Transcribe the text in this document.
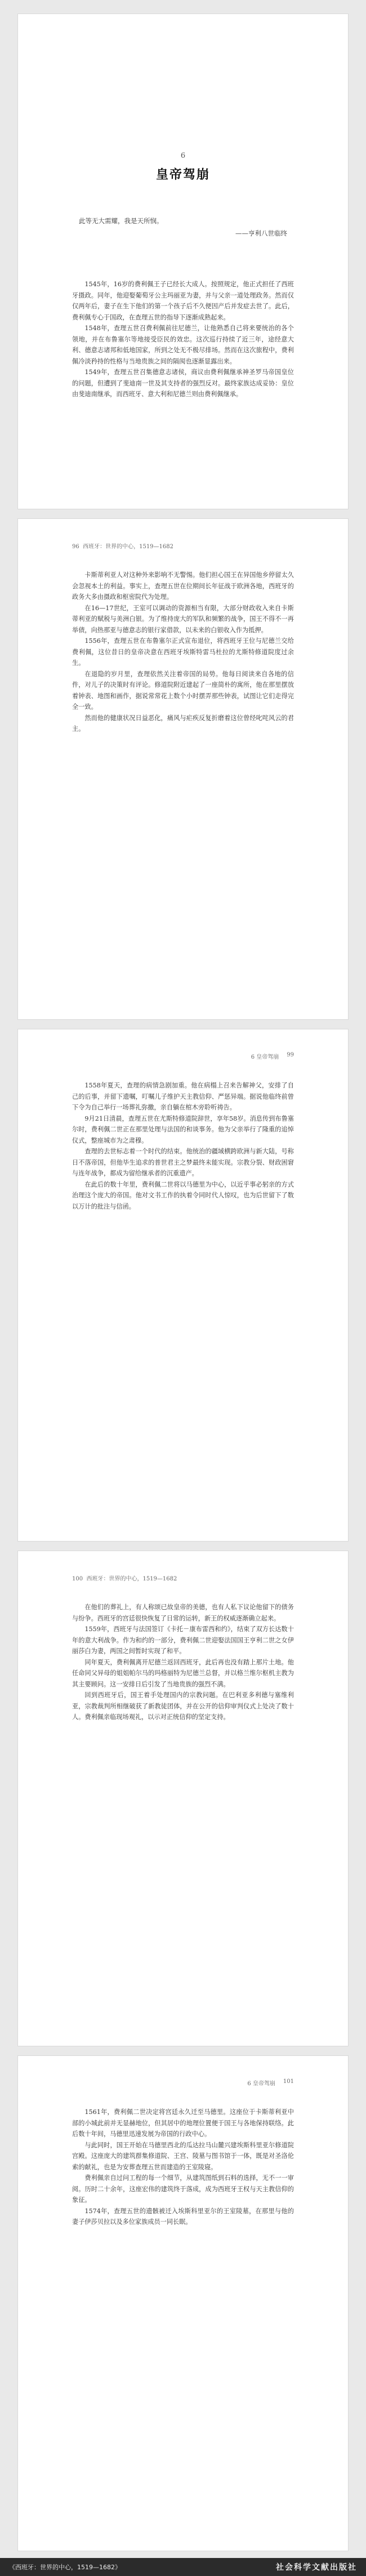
6
皇帝驾崩
此等无大需耀，我是天所悯。
——亨利八世临终

1545年，16岁的费利佩王子已经长大成人。按照规定，他正式担任了西班牙摄政。同年，他迎娶葡萄牙公主玛丽亚为妻，并与父亲一道处理政务。然而仅仅两年后，妻子在生下他们的第一个孩子后不久便因产后并发症去世了。此后，费利佩专心于国政，在查理五世的指导下逐渐成熟起来。

1548年，查理五世召费利佩前往尼德兰，让他熟悉自己将来要统治的各个领地，并在布鲁塞尔等地接受臣民的效忠。这次巡行持续了近三年，途经意大利、德意志诸邦和低地国家，所到之处无不极尽排场。然而在这次旅程中，费利佩冷淡矜持的性格与当地贵族之间的隔阂也逐渐显露出来。

1549年，查理五世召集德意志诸侯，商议由费利佩继承神圣罗马帝国皇位的问题，但遭到了斐迪南一世及其支持者的强烈反对。最终家族达成妥协：皇位由斐迪南继承，而西班牙、意大利和尼德兰则由费利佩继承。

96 西班牙：世界的中心，1519—1682

卡斯蒂利亚人对这种外来影响不无警惕。他们担心国王在异国他乡停留太久会忽视本土的利益。事实上，查理五世在位期间长年征战于欧洲各地，西班牙的政务大多由摄政和枢密院代为处理。

在16—17世纪，王室可以调动的资源相当有限，大部分财政收入来自卡斯蒂利亚的赋税与美洲白银。为了维持庞大的军队和频繁的战争，国王不得不一再举债，向热那亚与德意志的银行家借款，以未来的白银收入作为抵押。

1556年，查理五世在布鲁塞尔正式宣布退位，将西班牙王位与尼德兰交给费利佩，这位昔日的皇帝决意在西班牙埃斯特雷马杜拉的尤斯特修道院度过余生。

在退隐的岁月里，查理依然关注着帝国的局势。他每日阅读来自各地的信件，对儿子的决策时有评论。修道院附近建起了一座简朴的寓所，他在那里摆放着钟表、地图和画作，据说常常花上数个小时摆弄那些钟表，试图让它们走得完全一致。

然而他的健康状况日益恶化，痛风与疟疾反复折磨着这位曾经叱咤风云的君主。

6 皇帝驾崩 99

1558年夏天，查理的病情急剧加重。他在病榻上召来告解神父，安排了自己的后事，并留下遗嘱，叮嘱儿子维护天主教信仰、严惩异端。据说他临终前曾下令为自己举行一场葬礼弥撒，亲自躺在棺木旁聆听祷告。

9月21日清晨，查理五世在尤斯特修道院辞世，享年58岁。消息传到布鲁塞尔时，费利佩二世正在那里处理与法国的和谈事务。他为父亲举行了隆重的追悼仪式，整座城市为之肃穆。

查理的去世标志着一个时代的结束。他统治的疆域横跨欧洲与新大陆，号称日不落帝国，但他毕生追求的普世君主之梦最终未能实现。宗教分裂、财政困窘与连年战争，都成为留给继承者的沉重遗产。

在此后的数十年里，费利佩二世将以马德里为中心，以近乎事必躬亲的方式治理这个庞大的帝国。他对文书工作的执着令同时代人惊叹，也为后世留下了数以万计的批注与信函。

100 西班牙：世界的中心，1519—1682

在他们的葬礼上，有人称颂已故皇帝的美德，也有人私下议论他留下的债务与纷争。西班牙的宫廷很快恢复了日常的运转，新王的权威逐渐确立起来。

1559年，西班牙与法国签订《卡托－康布雷西和约》，结束了双方长达数十年的意大利战争。作为和约的一部分，费利佩二世迎娶法国国王亨利二世之女伊丽莎白为妻，两国之间暂时实现了和平。

同年夏天，费利佩离开尼德兰返回西班牙，此后再也没有踏上那片土地。他任命同父异母的姐姐帕尔马的玛格丽特为尼德兰总督，并以格兰维尔枢机主教为其主要顾问。这一安排日后引发了当地贵族的强烈不满。

回到西班牙后，国王着手处理国内的宗教问题。在巴利亚多利德与塞维利亚，宗教裁判所相继破获了新教徒团体，并在公开的信仰审判仪式上处决了数十人。费利佩亲临现场观礼，以示对正统信仰的坚定支持。

6 皇帝驾崩 101

1561年，费利佩二世决定将宫廷永久迁至马德里。这座位于卡斯蒂利亚中部的小城此前并无显赫地位，但其居中的地理位置便于国王与各地保持联络。此后数十年间，马德里迅速发展为帝国的行政中心。

与此同时，国王开始在马德里西北的瓜达拉马山麓兴建埃斯科里亚尔修道院宫殿。这座庞大的建筑群集修道院、王宫、陵墓与图书馆于一体，既是对圣洛伦索的献礼，也是为安葬查理五世而建造的王室陵寝。

费利佩亲自过问工程的每一个细节，从建筑图纸到石料的选择，无不一一审阅。历时二十余年，这座宏伟的建筑终于落成，成为西班牙王权与天主教信仰的象征。

1574年，查理五世的遗骸被迁入埃斯科里亚尔的王室陵墓，在那里与他的妻子伊莎贝拉以及多位家族成员一同长眠。

《西班牙：世界的中心，1519—1682》	社会科学文献出版社
